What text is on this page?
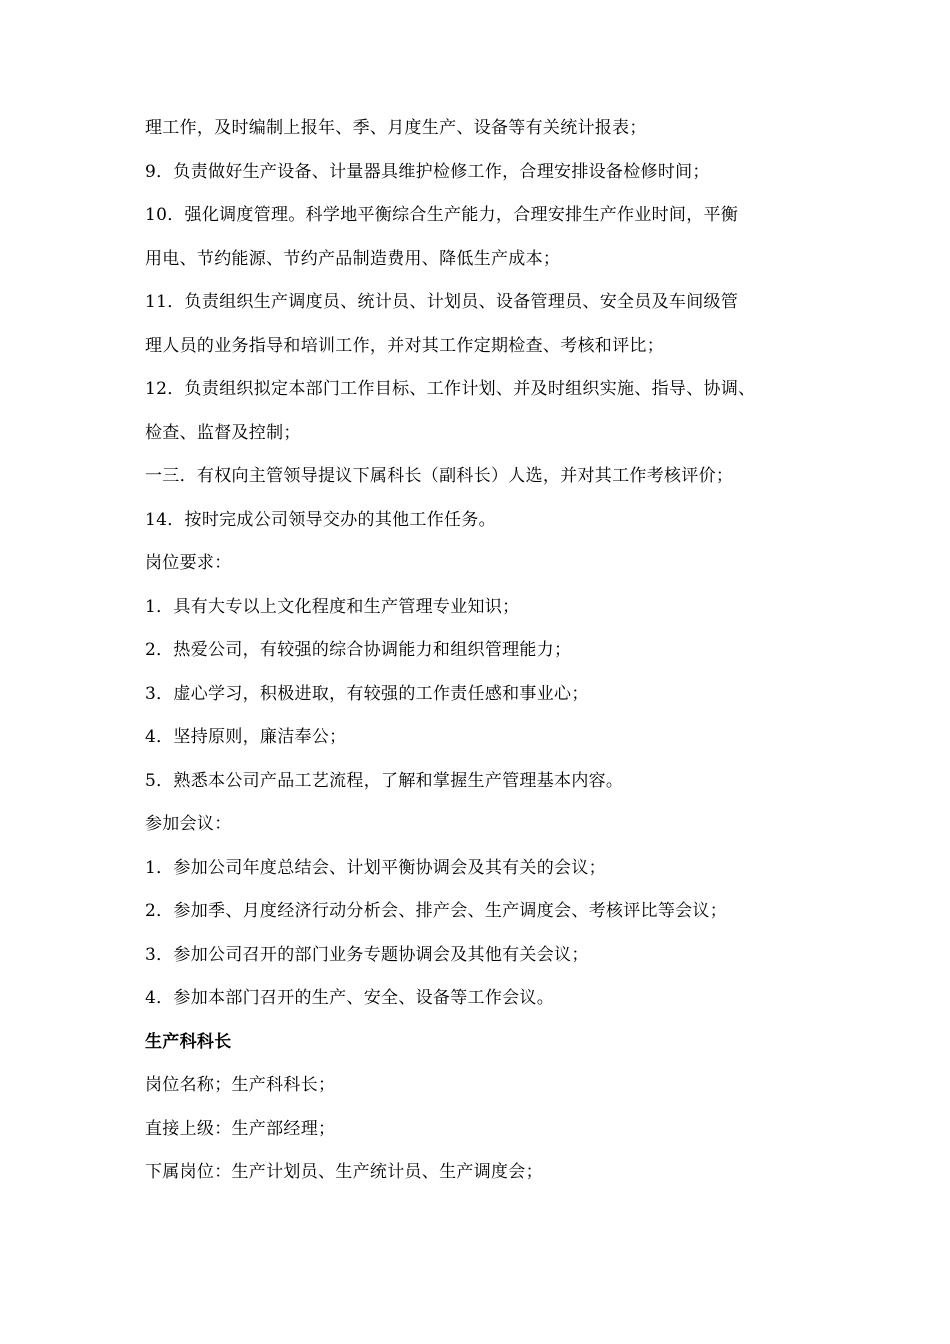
理工作，及时编制上报年、季、月度生产、设备等有关统计报表；
9．负责做好生产设备、计量器具维护检修工作，合理安排设备检修时间；
10．强化调度管理。科学地平衡综合生产能力，合理安排生产作业时间，平衡
用电、节约能源、节约产品制造费用、降低生产成本；
11．负责组织生产调度员、统计员、计划员、设备管理员、安全员及车间级管
理人员的业务指导和培训工作，并对其工作定期检查、考核和评比；
12．负责组织拟定本部门工作目标、工作计划、并及时组织实施、指导、协调、
检查、监督及控制；
一三．有权向主管领导提议下属科长（副科长）人选，并对其工作考核评价；
14．按时完成公司领导交办的其他工作任务。
岗位要求：
1．具有大专以上文化程度和生产管理专业知识；
2．热爱公司，有较强的综合协调能力和组织管理能力；
3．虚心学习，积极进取，有较强的工作责任感和事业心；
4．坚持原则，廉洁奉公；
5．熟悉本公司产品工艺流程，了解和掌握生产管理基本内容。
参加会议：
1．参加公司年度总结会、计划平衡协调会及其有关的会议；
2．参加季、月度经济行动分析会、排产会、生产调度会、考核评比等会议；
3．参加公司召开的部门业务专题协调会及其他有关会议；
4．参加本部门召开的生产、安全、设备等工作会议。
生产科科长
岗位名称；生产科科长；
直接上级：生产部经理；
下属岗位：生产计划员、生产统计员、生产调度会；
